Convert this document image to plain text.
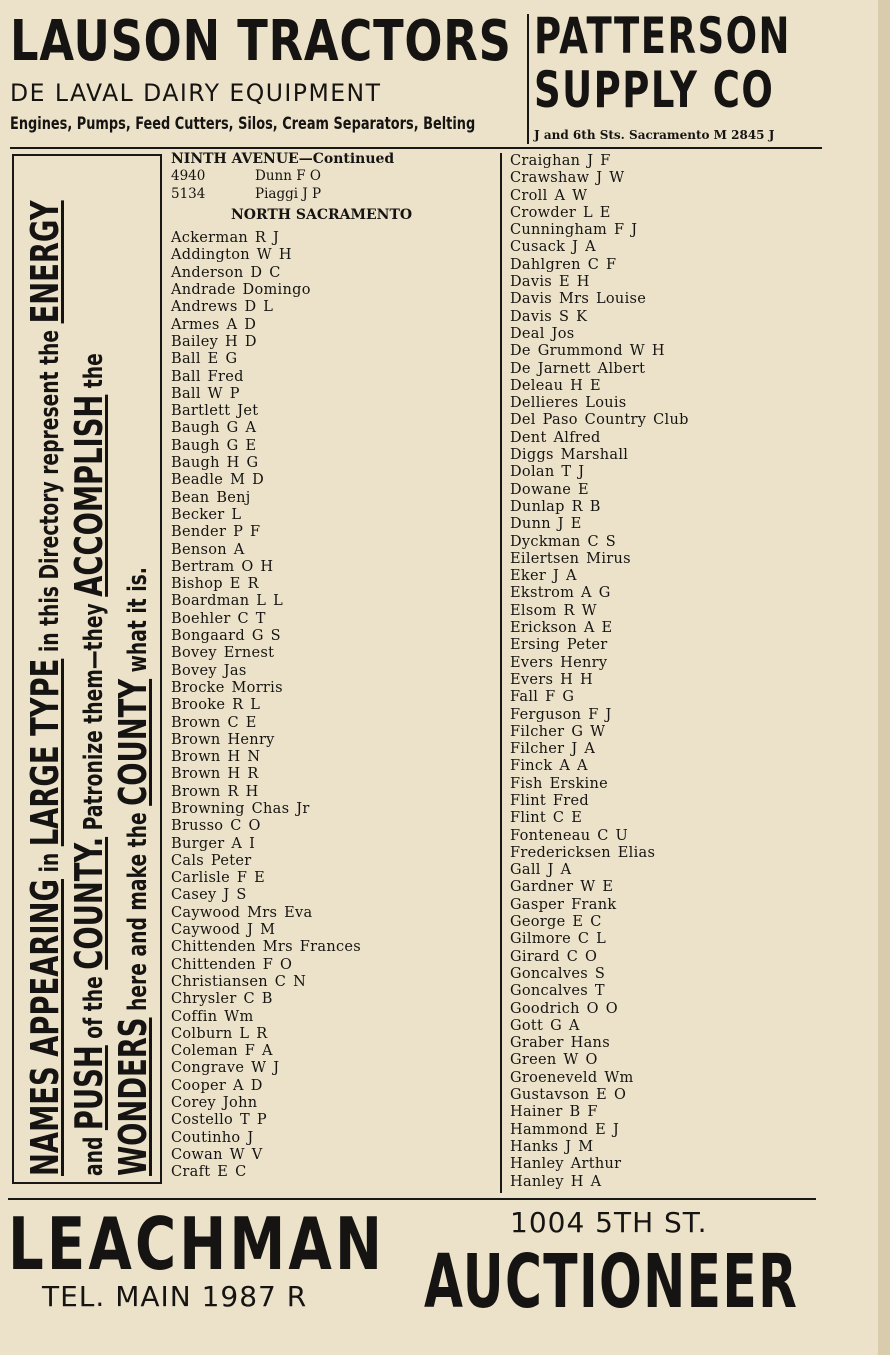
LAUSON TRACTORS
DE LAVAL DAIRY EQUIPMENT
Engines, Pumps, Feed Cutters, Silos, Cream Separators, Belting
PATTERSON
SUPPLY CO
J and 6th Sts. Sacramento M 2845 J
NAMES APPEARING in LARGE TYPE in this Directory represent the ENERGY
and PUSH of the COUNTY. Patronize them—they ACCOMPLISH the
WONDERS here and make the COUNTY what it is.
NINTH AVENUE—Continued
4940	Dunn F O
5134	Piaggi J P
NORTH SACRAMENTO
Ackerman R J
Addington W H
Anderson D C
Andrade Domingo
Andrews D L
Armes A D
Bailey H D
Ball E G
Ball Fred
Ball W P
Bartlett Jet
Baugh G A
Baugh G E
Baugh H G
Beadle M D
Bean Benj
Becker L
Bender P F
Benson A
Bertram O H
Bishop E R
Boardman L L
Boehler C T
Bongaard G S
Bovey Ernest
Bovey Jas
Brocke Morris
Brooke R L
Brown C E
Brown Henry
Brown H N
Brown H R
Brown R H
Browning Chas Jr
Brusso C O
Burger A I
Cals Peter
Carlisle F E
Casey J S
Caywood Mrs Eva
Caywood J M
Chittenden Mrs Frances
Chittenden F O
Christiansen C N
Chrysler C B
Coffin Wm
Colburn L R
Coleman F A
Congrave W J
Cooper A D
Corey John
Costello T P
Coutinho J
Cowan W V
Craft E C
Craighan J F
Crawshaw J W
Croll A W
Crowder L E
Cunningham F J
Cusack J A
Dahlgren C F
Davis E H
Davis Mrs Louise
Davis S K
Deal Jos
De Grummond W H
De Jarnett Albert
Deleau H E
Dellieres Louis
Del Paso Country Club
Dent Alfred
Diggs Marshall
Dolan T J
Dowane E
Dunlap R B
Dunn J E
Dyckman C S
Eilertsen Mirus
Eker J A
Ekstrom A G
Elsom R W
Erickson A E
Ersing Peter
Evers Henry
Evers H H
Fall F G
Ferguson F J
Filcher G W
Filcher J A
Finck A A
Fish Erskine
Flint Fred
Flint C E
Fonteneau C U
Fredericksen Elias
Gall J A
Gardner W E
Gasper Frank
George E C
Gilmore C L
Girard C O
Goncalves S
Goncalves T
Goodrich O O
Gott G A
Graber Hans
Green W O
Groeneveld Wm
Gustavson E O
Hainer B F
Hammond E J
Hanks J M
Hanley Arthur
Hanley H A
LEACHMAN
TEL. MAIN 1987 R
1004 5TH ST.
AUCTIONEER
